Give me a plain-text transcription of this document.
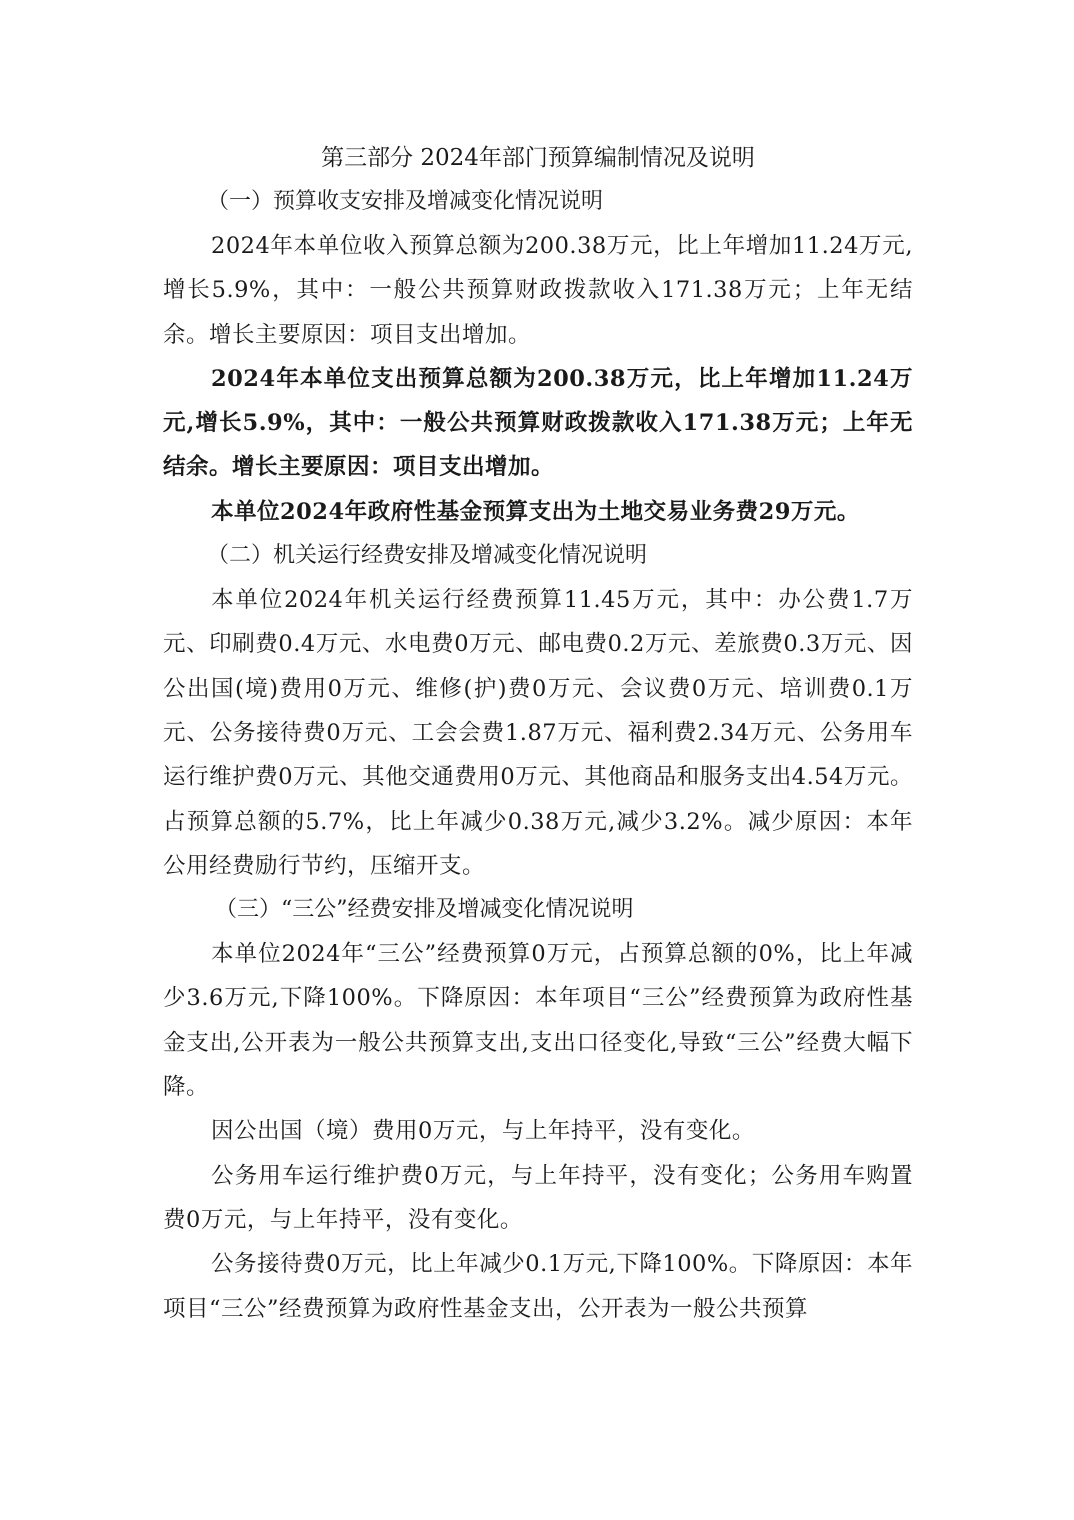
第三部分 2024年部门预算编制情况及说明
（一）预算收支安排及增减变化情况说明

2024年本单位收入预算总额为200.38万元，比上年增加11.24万元,增长5.9%，其中：一般公共预算财政拨款收入171.38万元；上年无结余。增长主要原因：项目支出增加。

2024年本单位支出预算总额为200.38万元，比上年增加11.24万元,增长5.9%，其中：一般公共预算财政拨款收入171.38万元；上年无结余。增长主要原因：项目支出增加。

本单位2024年政府性基金预算支出为土地交易业务费29万元。

（二）机关运行经费安排及增减变化情况说明

本单位2024年机关运行经费预算11.45万元，其中：办公费1.7万元、印刷费0.4万元、水电费0万元、邮电费0.2万元、差旅费0.3万元、因公出国(境)费用0万元、维修(护)费0万元、会议费0万元、培训费0.1万元、公务接待费0万元、工会会费1.87万元、福利费2.34万元、公务用车运行维护费0万元、其他交通费用0万元、其他商品和服务支出4.54万元。占预算总额的5.7%，比上年减少0.38万元,减少3.2%。减少原因：本年公用经费励行节约，压缩开支。

（三）“三公”经费安排及增减变化情况说明

本单位2024年“三公”经费预算0万元，占预算总额的0%，比上年减少3.6万元,下降100%。下降原因：本年项目“三公”经费预算为政府性基金支出,公开表为一般公共预算支出,支出口径变化,导致“三公”经费大幅下降。

因公出国（境）费用0万元，与上年持平，没有变化。

公务用车运行维护费0万元，与上年持平，没有变化；公务用车购置费0万元，与上年持平，没有变化。

公务接待费0万元，比上年减少0.1万元,下降100%。下降原因：本年项目“三公”经费预算为政府性基金支出，公开表为一般公共预算
